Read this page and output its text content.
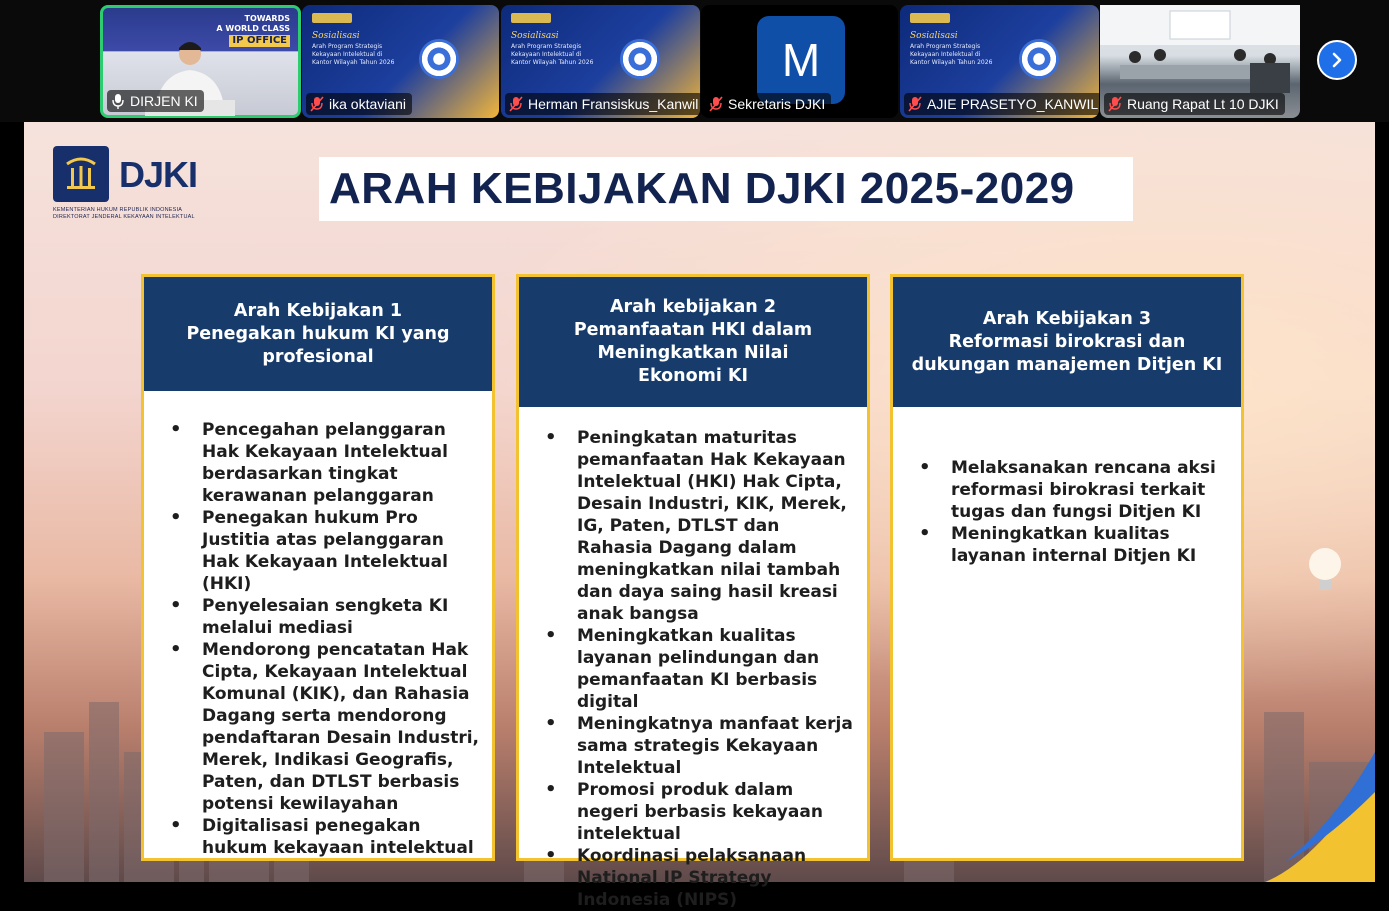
TOWARDS
A WORLD CLASS
IP OFFICE
DIRJEN KI
Sosialisasi
Arah Program Strategis Kekayaan Intelektual di Kantor Wilayah Tahun 2026
ika oktaviani
Sosialisasi
Arah Program Strategis Kekayaan Intelektual di Kantor Wilayah Tahun 2026
Herman Fransiskus_Kanwil
M
Sekretaris DJKI
Sosialisasi
Arah Program Strategis Kekayaan Intelektual di Kantor Wilayah Tahun 2026
AJIE PRASETYO_KANWIL Ruang Rapat Lt 10 DJKI
DJKI
KEMENTERIAN HUKUM REPUBLIK INDONESIA
DIREKTORAT JENDERAL KEKAYAAN INTELEKTUAL
ARAH KEBIJAKAN DJKI 2025-2029
Arah Kebijakan 1
Penegakan hukum KI yang
profesional
• Pencegahan pelanggaran Hak Kekayaan Intelektual berdasarkan tingkat kerawanan pelanggaran
• Penegakan hukum Pro Justitia atas pelanggaran Hak Kekayaan Intelektual (HKI)
• Penyelesaian sengketa KI melalui mediasi
• Mendorong pencatatan Hak Cipta, Kekayaan Intelektual Komunal (KIK), dan Rahasia Dagang serta mendorong pendaftaran Desain Industri, Merek, Indikasi Geografis, Paten, dan DTLST berbasis potensi kewilayahan
• Digitalisasi penegakan hukum kekayaan intelektual
Arah kebijakan 2
Pemanfaatan HKI dalam
Meningkatkan Nilai
Ekonomi KI
• Peningkatan maturitas pemanfaatan Hak Kekayaan Intelektual (HKI) Hak Cipta, Desain Industri, KIK, Merek, IG, Paten, DTLST dan Rahasia Dagang dalam meningkatkan nilai tambah dan daya saing hasil kreasi anak bangsa
• Meningkatkan kualitas layanan pelindungan dan pemanfaatan KI berbasis digital
• Meningkatnya manfaat kerja sama strategis Kekayaan Intelektual
• Promosi produk dalam negeri berbasis kekayaan intelektual
• Koordinasi pelaksanaan National IP Strategy Indonesia (NIPS)
Arah Kebijakan 3
Reformasi birokrasi dan
dukungan manajemen Ditjen KI
• Melaksanakan rencana aksi reformasi birokrasi terkait tugas dan fungsi Ditjen KI
• Meningkatkan kualitas layanan internal Ditjen KI
